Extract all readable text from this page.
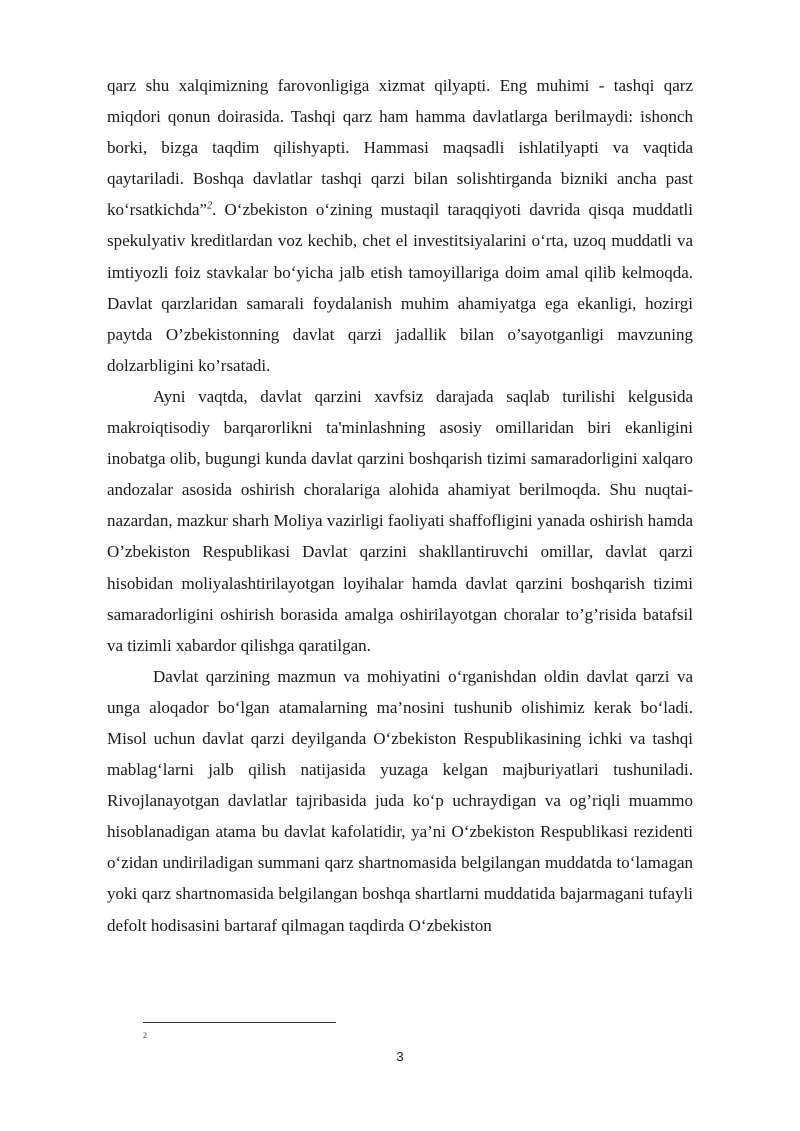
qarz shu xalqimizning farovonligiga xizmat qilyapti. Eng muhimi - tashqi qarz miqdori qonun doirasida. Tashqi qarz ham hamma davlatlarga berilmaydi: ishonch borki, bizga taqdim qilishyapti. Hammasi maqsadli ishlatilyapti va vaqtida qaytariladi. Boshqa davlatlar tashqi qarzi bilan solishtirganda bizniki ancha past ko‘rsatkichda”$^2$. O‘zbekiston o‘zining mustaqil taraqqiyoti davrida qisqa muddatli spekulyativ kreditlardan voz kechib, chet el investitsiyalarini o‘rta, uzoq muddatli va imtiyozli foiz stavkalar bo‘yicha jalb etish tamoyillariga doim amal qilib kelmoqda. Davlat qarzlaridan samarali foydalanish muhim ahamiyatga ega ekanligi, hozirgi paytda O’zbekistonning davlat qarzi jadallik bilan o’sayotganligi mavzuning dolzarbligini ko’rsatadi.

Ayni vaqtda, davlat qarzini xavfsiz darajada saqlab turilishi kelgusida makroiqtisodiy barqarorlikni ta'minlashning asosiy omillaridan biri ekanligini inobatga olib, bugungi kunda davlat qarzini boshqarish tizimi samaradorligini xalqaro andozalar asosida oshirish choralariga alohida ahamiyat berilmoqda. Shu nuqtai-nazardan, mazkur sharh Moliya vazirligi faoliyati shaffofligini yanada oshirish hamda O’zbekiston Respublikasi Davlat qarzini shakllantiruvchi omillar, davlat qarzi hisobidan moliyalashtirilayotgan loyihalar hamda davlat qarzini boshqarish tizimi samaradorligini oshirish borasida amalga oshirilayotgan choralar to’g’risida batafsil va tizimli xabardor qilishga qaratilgan.

Davlat qarzining mazmun va mohiyatini o‘rganishdan oldin davlat qarzi va unga aloqador bo‘lgan atamalarning ma’nosini tushunib olishimiz kerak bo‘ladi. Misol uchun davlat qarzi deyilganda O‘zbekiston Respublikasining ichki va tashqi mablag‘larni jalb qilish natijasida yuzaga kelgan majburiyatlari tushuniladi. Rivojlanayotgan davlatlar tajribasida juda ko‘p uchraydigan va og’riqli muammo hisoblanadigan atama bu davlat kafolatidir, ya’ni O‘zbekiston Respublikasi rezidenti o‘zidan undiriladigan summani qarz shartnomasida belgilangan muddatda to‘lamagan yoki qarz shartnomasida belgilangan boshqa shartlarni muddatida bajarmagani tufayli defolt hodisasini bartaraf qilmagan taqdirda O‘zbekiston

2
3
